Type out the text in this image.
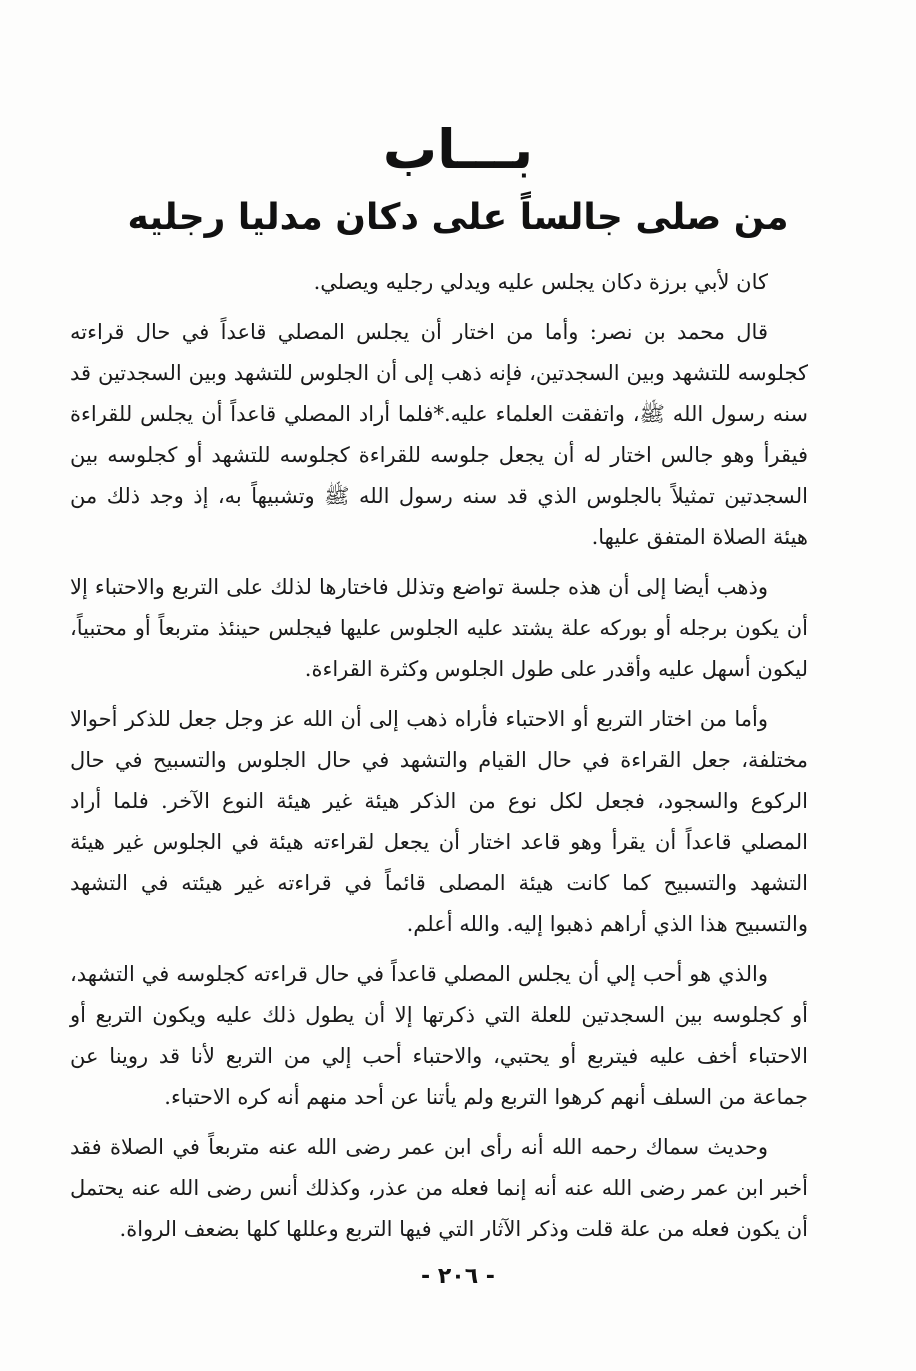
بـــاب
من صلى جالساً على دكان مدليا رجليه

كان لأبي برزة دكان يجلس عليه ويدلي رجليه ويصلي.

قال محمد بن نصر: وأما من اختار أن يجلس المصلي قاعداً في حال قراءته كجلوسه للتشهد وبين السجدتين، فإنه ذهب إلى أن الجلوس للتشهد وبين السجدتين قد سنه رسول الله ﷺ، واتفقت العلماء عليه.*فلما أراد المصلي قاعداً أن يجلس للقراءة فيقرأ وهو جالس اختار له أن يجعل جلوسه للقراءة كجلوسه للتشهد أو كجلوسه بين السجدتين تمثيلاً بالجلوس الذي قد سنه رسول الله ﷺ وتشبيهاً به، إذ وجد ذلك من هيئة الصلاة المتفق عليها.

وذهب أيضا إلى أن هذه جلسة تواضع وتذلل فاختارها لذلك على التربع والاحتباء إلا أن يكون برجله أو بوركه علة يشتد عليه الجلوس عليها فيجلس حينئذ متربعاً أو محتبياً، ليكون أسهل عليه وأقدر على طول الجلوس وكثرة القراءة.

وأما من اختار التربع أو الاحتباء فأراه ذهب إلى أن الله عز وجل جعل للذكر أحوالا مختلفة، جعل القراءة في حال القيام والتشهد في حال الجلوس والتسبيح في حال الركوع والسجود، فجعل لكل نوع من الذكر هيئة غير هيئة النوع الآخر. فلما أراد المصلي قاعداً أن يقرأ وهو قاعد اختار أن يجعل لقراءته هيئة في الجلوس غير هيئة التشهد والتسبيح كما كانت هيئة المصلى قائماً في قراءته غير هيئته في التشهد والتسبيح هذا الذي أراهم ذهبوا إليه. والله أعلم.

والذي هو أحب إلي أن يجلس المصلي قاعداً في حال قراءته كجلوسه في التشهد، أو كجلوسه بين السجدتين للعلة التي ذكرتها إلا أن يطول ذلك عليه ويكون التربع أو الاحتباء أخف عليه فيتربع أو يحتبي، والاحتباء أحب إلي من التربع لأنا قد روينا عن جماعة من السلف أنهم كرهوا التربع ولم يأتنا عن أحد منهم أنه كره الاحتباء.

وحديث سماك رحمه الله أنه رأى ابن عمر رضى الله عنه متربعاً في الصلاة فقد أخبر ابن عمر رضى الله عنه أنه إنما فعله من عذر، وكذلك أنس رضى الله عنه يحتمل أن يكون فعله من علة قلت وذكر الآثار التي فيها التربع وعللها كلها بضعف الرواة.

- ٢٠٦ -
